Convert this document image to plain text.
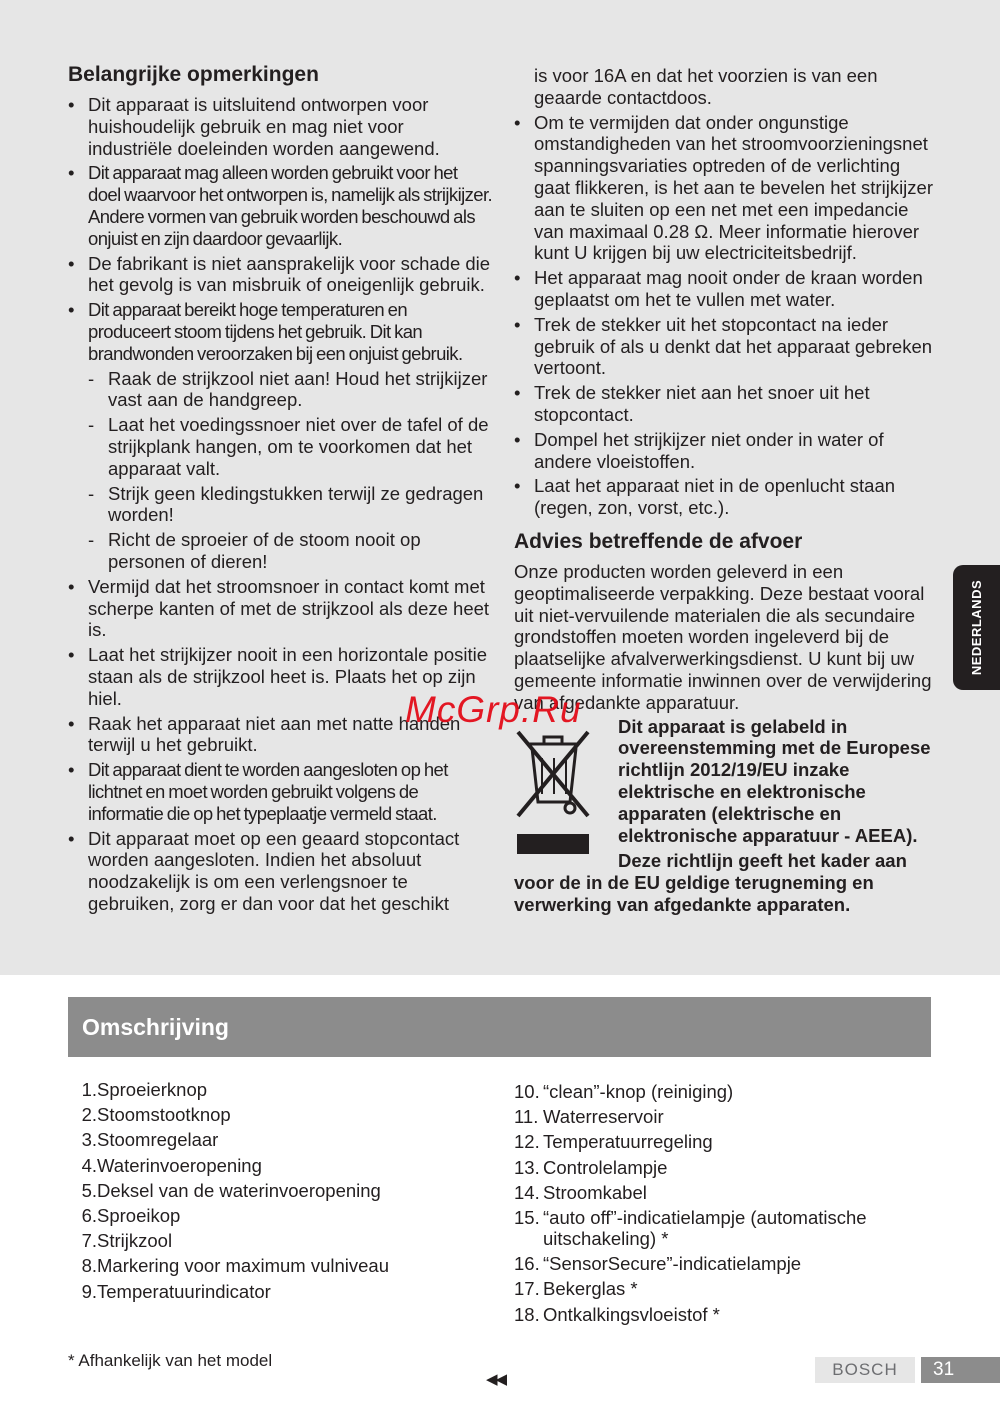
Belangrijke opmerkingen
• Dit apparaat is uitsluitend ontworpen voor huishoudelijk gebruik en mag niet voor industriële doeleinden worden aangewend.
• Dit apparaat mag alleen worden gebruikt voor het doel waarvoor het ontworpen is, namelijk als strijkijzer. Andere vormen van gebruik worden beschouwd als onjuist en zijn daardoor gevaarlijk.
• De fabrikant is niet aansprakelijk voor schade die het gevolg is van misbruik of oneigenlijk gebruik.
• Dit apparaat bereikt hoge temperaturen en produceert stoom tijdens het gebruik. Dit kan brandwonden veroorzaken bij een onjuist gebruik.
- Raak de strijkzool niet aan! Houd het strijkijzer vast aan de handgreep.
- Laat het voedingssnoer niet over de tafel of de strijkplank hangen, om te voorkomen dat het apparaat valt.
- Strijk geen kledingstukken terwijl ze gedragen worden!
- Richt de sproeier of de stoom nooit op personen of dieren!
• Vermijd dat het stroomsnoer in contact komt met scherpe kanten of met de strijkzool als deze heet is.
• Laat het strijkijzer nooit in een horizontale positie staan als de strijkzool heet is. Plaats het op zijn hiel.
• Raak het apparaat niet aan met natte handen terwijl u het gebruikt.
• Dit apparaat dient te worden aangesloten op het lichtnet en moet worden gebruikt volgens de informatie die op het typeplaatje vermeld staat.
• Dit apparaat moet op een geaard stopcontact worden aangesloten. Indien het absoluut noodzakelijk is om een verlengsnoer te gebruiken, zorg er dan voor dat het geschikt
is voor 16A en dat het voorzien is van een geaarde contactdoos.
• Om te vermijden dat onder ongunstige omstandigheden van het stroomvoorzieningsnet spanningsvariaties optreden of de verlichting gaat flikkeren, is het aan te bevelen het strijkijzer aan te sluiten op een net met een impedancie van maximaal 0.28 Ω. Meer informatie hierover kunt U krijgen bij uw electriciteitsbedrijf.
• Het apparaat mag nooit onder de kraan worden geplaatst om het te vullen met water.
• Trek de stekker uit het stopcontact na ieder gebruik of als u denkt dat het apparaat gebreken vertoont.
• Trek de stekker niet aan het snoer uit het stopcontact.
• Dompel het strijkijzer niet onder in water of andere vloeistoffen.
• Laat het apparaat niet in de openlucht staan (regen, zon, vorst, etc.).
Advies betreffende de afvoer

Onze producten worden geleverd in een geoptimaliseerde verpakking. Deze bestaat vooral uit niet-vervuilende materialen die als secundaire grondstoffen moeten worden ingeleverd bij de plaatselijke afvalverwerkingsdienst. U kunt bij uw gemeente informatie inwinnen over de verwijdering van afgedankte apparatuur.

Dit apparaat is gelabeld in overeenstemming met de Europese richtlijn 2012/19/EU inzake elektrische en elektronische apparaten (elektrische en elektronische apparatuur - AEEA).
Deze richtlijn geeft het kader aan
voor de in de EU geldige terugneming en verwerking van afgedankte apparaten.
NEDERLANDS
McGrp.Ru
Omschrijving
1. Sproeierknop
2. Stoomstootknop
3. Stoomregelaar
4. Waterinvoeropening
5. Deksel van de waterinvoeropening
6. Sproeikop
7. Strijkzool
8. Markering voor maximum vulniveau
9. Temperatuurindicator
10. “clean”-knop (reiniging)
11. Waterreservoir
12. Temperatuurregeling
13. Controlelampje
14. Stroomkabel
15. “auto off”-indicatielampje (automatische uitschakeling) *
16. “SensorSecure”-indicatielampje
17. Bekerglas *
18. Ontkalkingsvloeistof *
* Afhankelijk van het model
◀◀
BOSCH	31
